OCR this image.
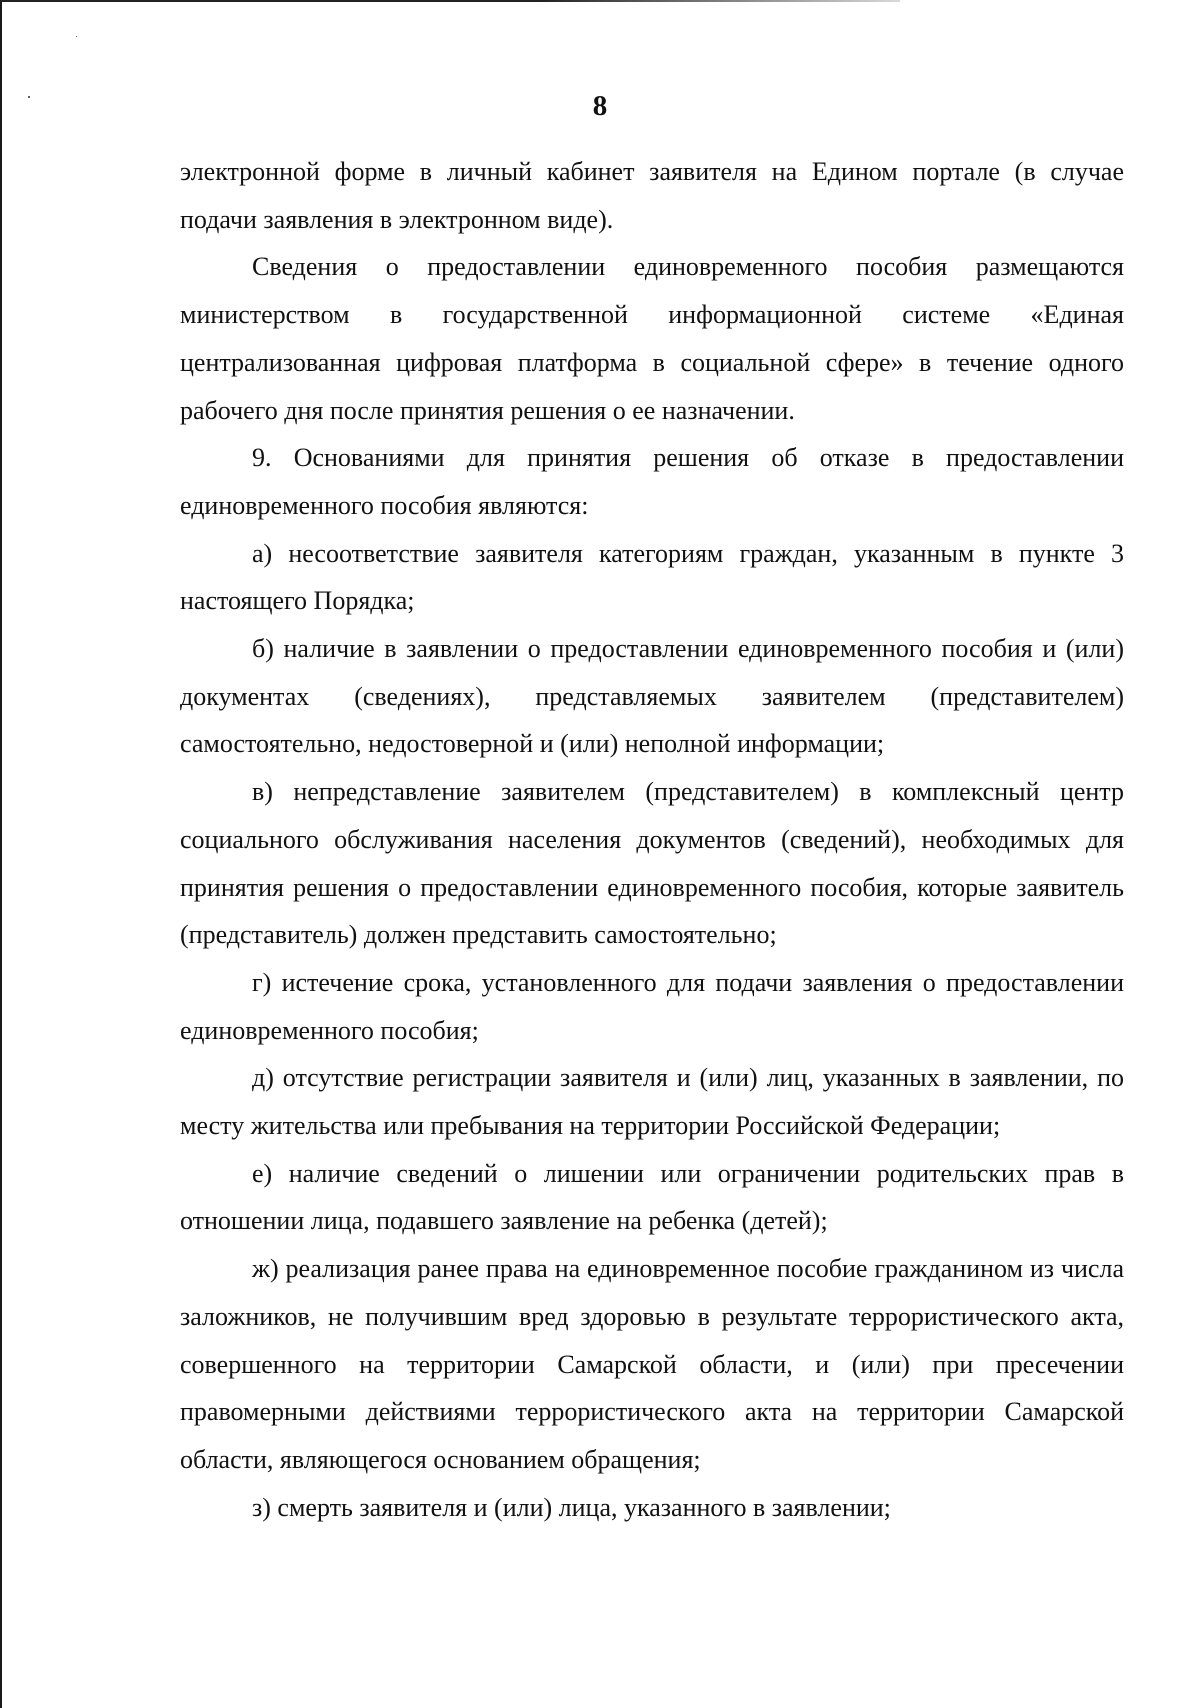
8

электронной форме в личный кабинет заявителя на Едином портале (в случае подачи заявления в электронном виде).

Сведения о предоставлении единовременного пособия размещаются министерством в государственной информационной системе «Единая централизованная цифровая платформа в социальной сфере» в течение одного рабочего дня после принятия решения о ее назначении.

9. Основаниями для принятия решения об отказе в предоставлении единовременного пособия являются:

а) несоответствие заявителя категориям граждан, указанным в пункте 3 настоящего Порядка;

б) наличие в заявлении о предоставлении единовременного пособия и (или) документах (сведениях), представляемых заявителем (представителем) самостоятельно, недостоверной и (или) неполной информации;

в) непредставление заявителем (представителем) в комплексный центр социального обслуживания населения документов (сведений), необходимых для принятия решения о предоставлении единовременного пособия, которые заявитель (представитель) должен представить самостоятельно;

г) истечение срока, установленного для подачи заявления о предоставлении единовременного пособия;

д) отсутствие регистрации заявителя и (или) лиц, указанных в заявлении, по месту жительства или пребывания на территории Российской Федерации;

е) наличие сведений о лишении или ограничении родительских прав в отношении лица, подавшего заявление на ребенка (детей);

ж) реализация ранее права на единовременное пособие гражданином из числа заложников, не получившим вред здоровью в результате террористического акта, совершенного на территории Самарской области, и (или) при пресечении правомерными действиями террористического акта на территории Самарской области, являющегося основанием обращения;

з) смерть заявителя и (или) лица, указанного в заявлении;
